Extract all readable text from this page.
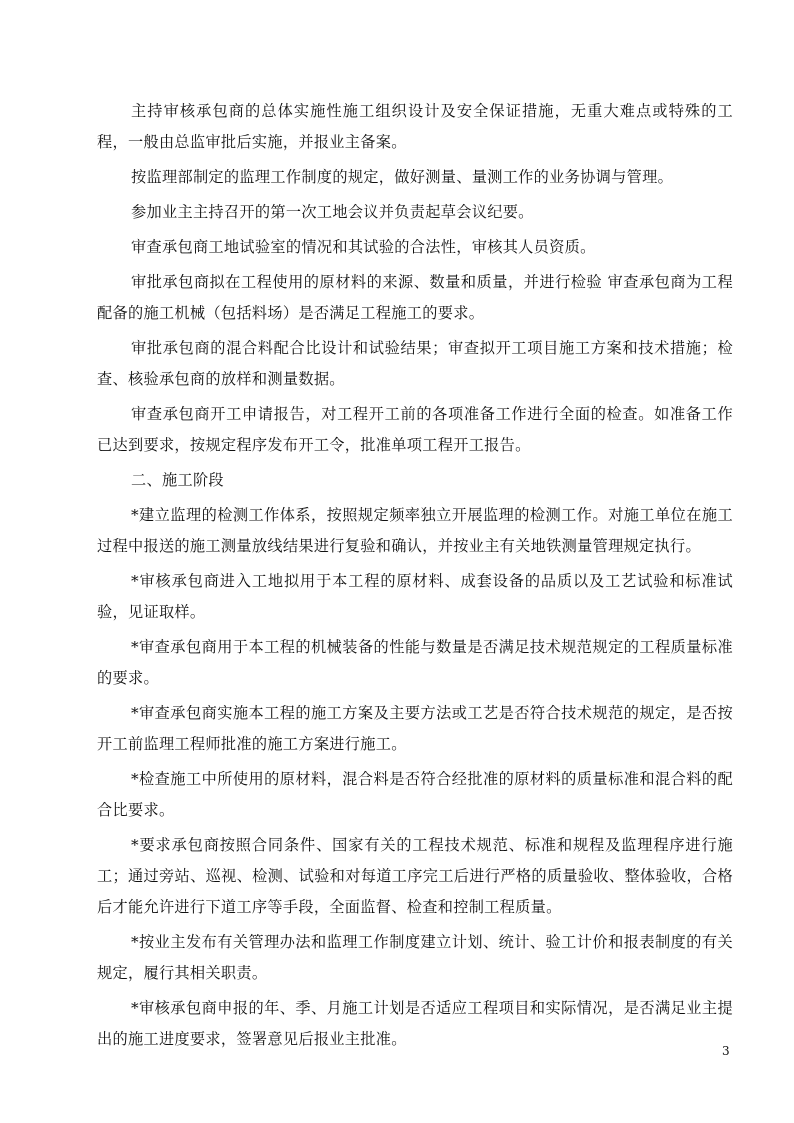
主持审核承包商的总体实施性施工组织设计及安全保证措施，无重大难点或特殊的工程，一般由总监审批后实施，并报业主备案。

按监理部制定的监理工作制度的规定，做好测量、量测工作的业务协调与管理。

参加业主主持召开的第一次工地会议并负责起草会议纪要。

审查承包商工地试验室的情况和其试验的合法性，审核其人员资质。

审批承包商拟在工程使用的原材料的来源、数量和质量，并进行检验 审查承包商为工程配备的施工机械（包括料场）是否满足工程施工的要求。

审批承包商的混合料配合比设计和试验结果；审查拟开工项目施工方案和技术措施；检查、核验承包商的放样和测量数据。

审查承包商开工申请报告，对工程开工前的各项准备工作进行全面的检查。如准备工作已达到要求，按规定程序发布开工令，批准单项工程开工报告。

二、施工阶段

*建立监理的检测工作体系，按照规定频率独立开展监理的检测工作。对施工单位在施工过程中报送的施工测量放线结果进行复验和确认，并按业主有关地铁测量管理规定执行。

*审核承包商进入工地拟用于本工程的原材料、成套设备的品质以及工艺试验和标准试验，见证取样。

*审查承包商用于本工程的机械装备的性能与数量是否满足技术规范规定的工程质量标准的要求。

*审查承包商实施本工程的施工方案及主要方法或工艺是否符合技术规范的规定，是否按开工前监理工程师批准的施工方案进行施工。

*检查施工中所使用的原材料，混合料是否符合经批准的原材料的质量标准和混合料的配合比要求。

*要求承包商按照合同条件、国家有关的工程技术规范、标准和规程及监理程序进行施工；通过旁站、巡视、检测、试验和对每道工序完工后进行严格的质量验收、整体验收，合格后才能允许进行下道工序等手段，全面监督、检查和控制工程质量。

*按业主发布有关管理办法和监理工作制度建立计划、统计、验工计价和报表制度的有关规定，履行其相关职责。

*审核承包商申报的年、季、月施工计划是否适应工程项目和实际情况，是否满足业主提出的施工进度要求，签署意见后报业主批准。

3
